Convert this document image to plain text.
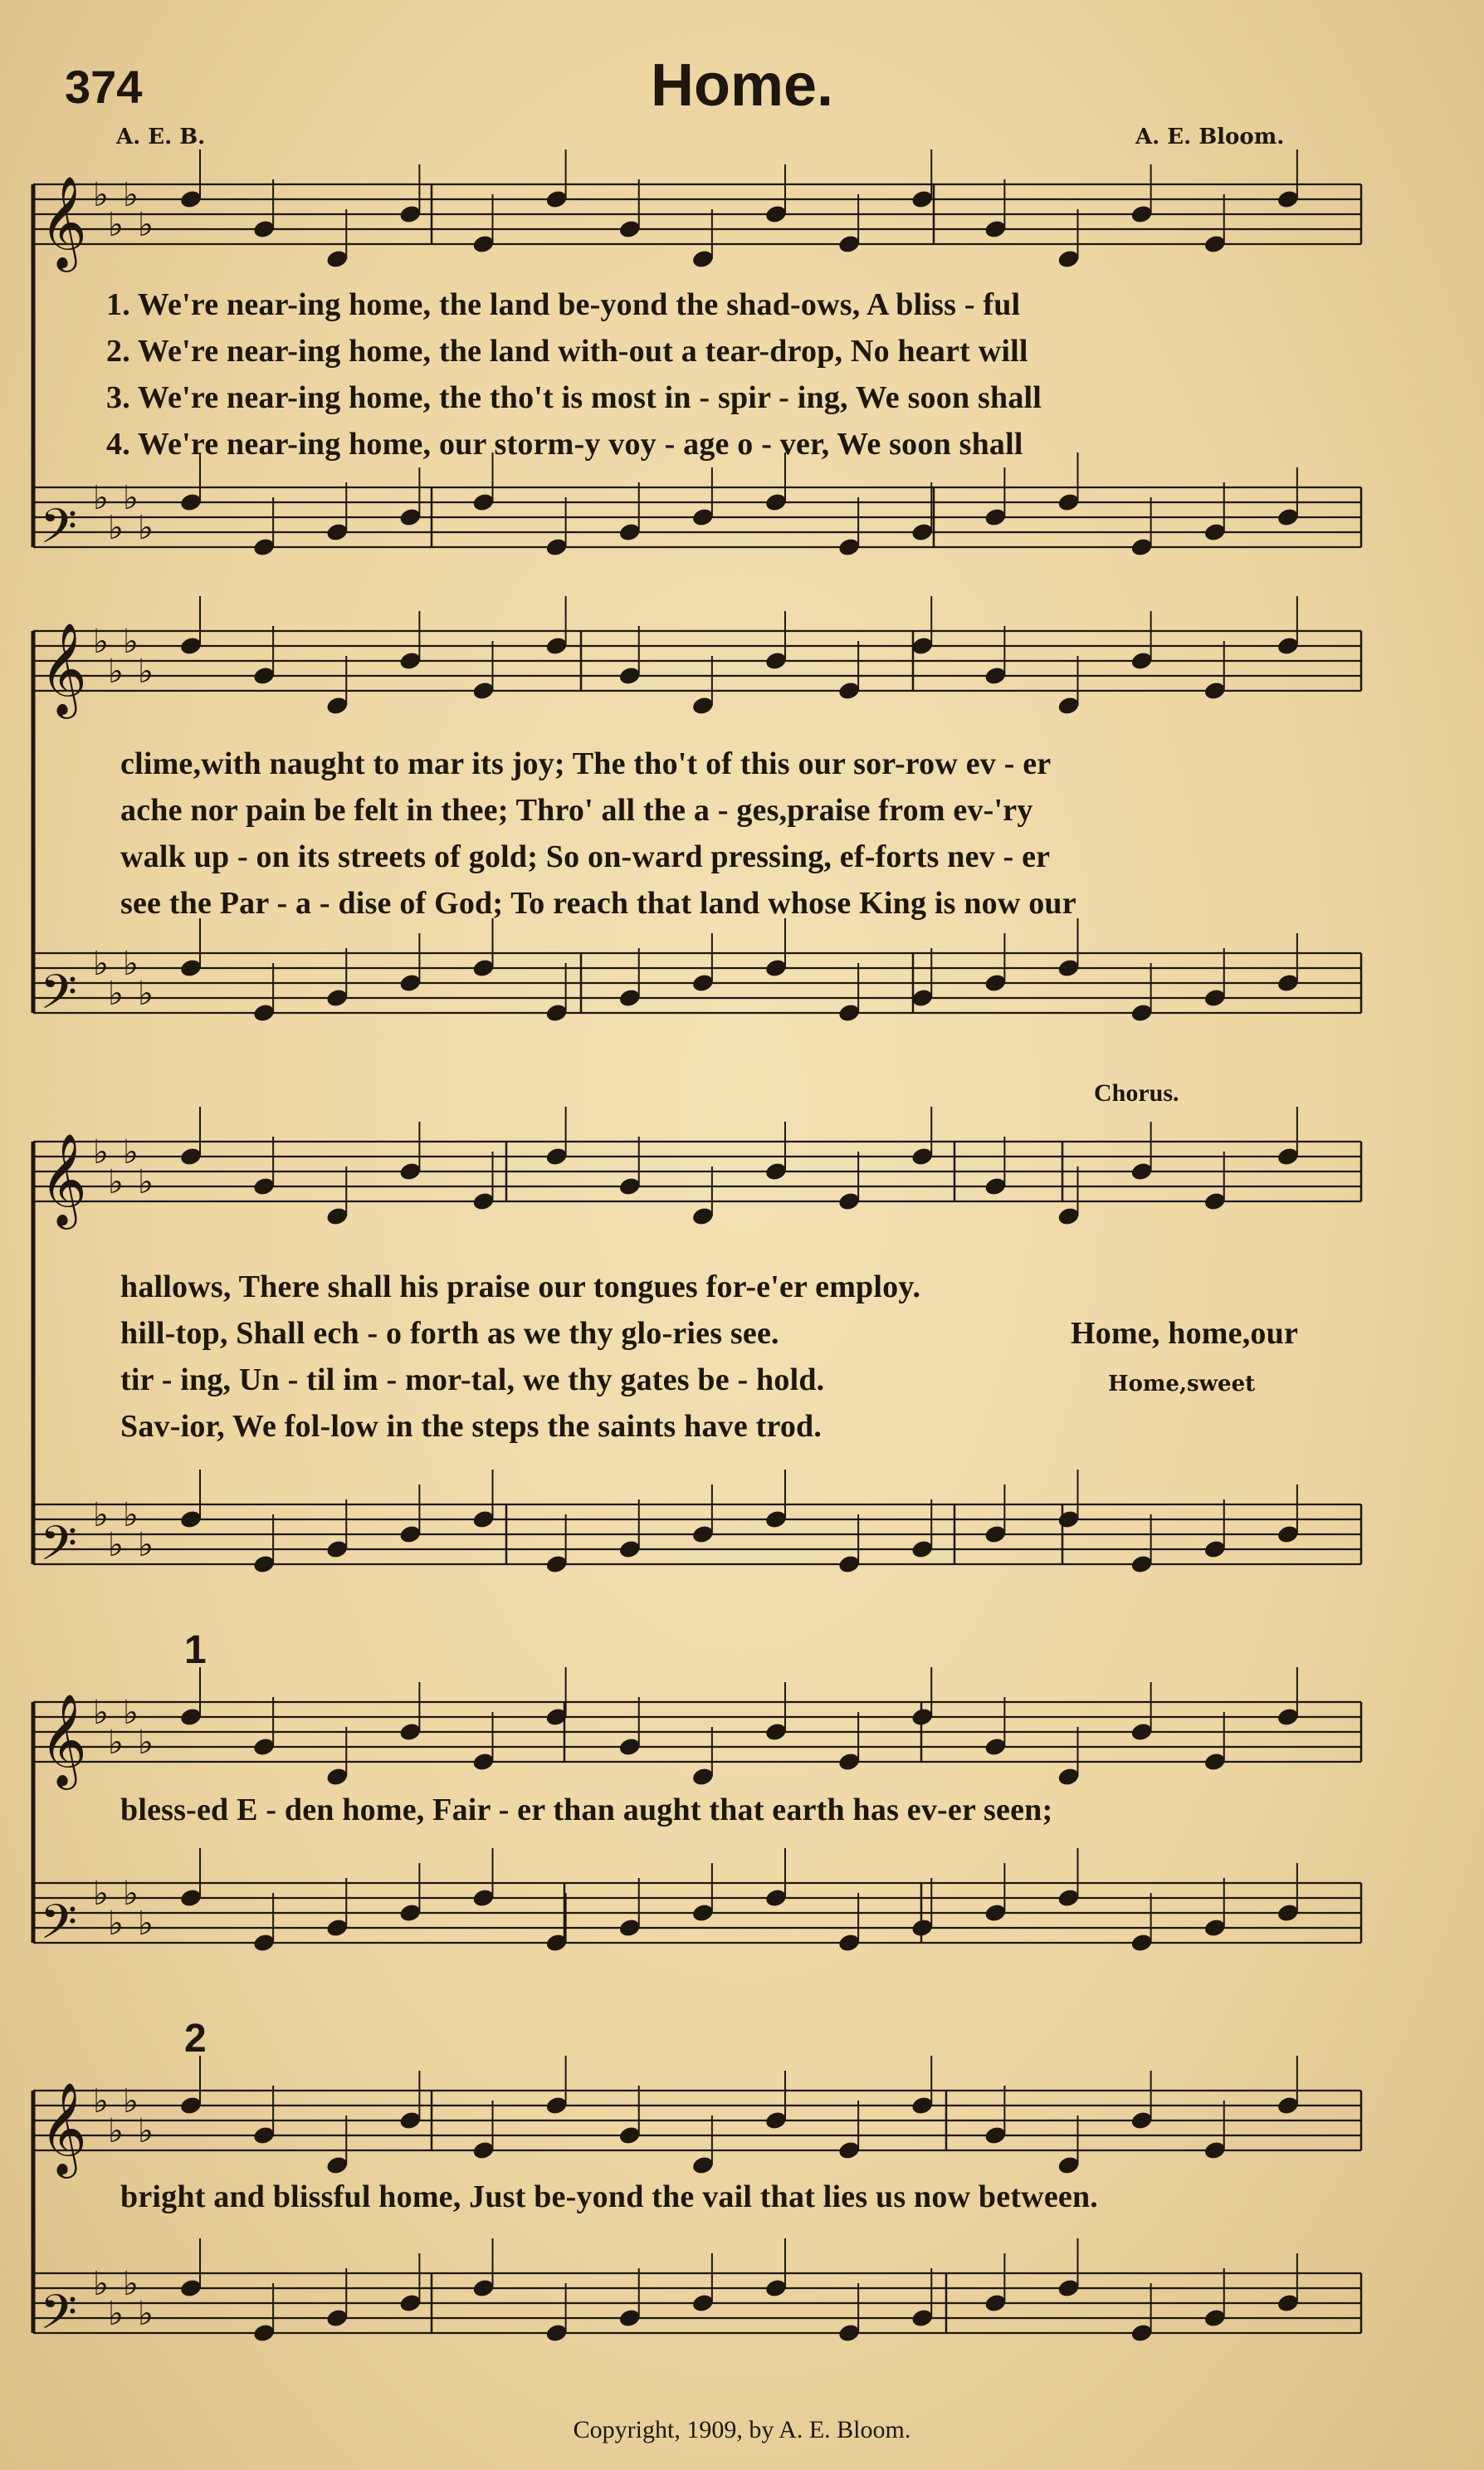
374	Home.
A. E. B.	A. E. Bloom.
𝄞 ♭
♭
♭
♭
𝄢 ♭
♭
♭
♭
𝄞 ♭
♭
♭
♭
𝄢 ♭
♭
♭
♭
𝄞 ♭
♭
♭
♭
𝄢 ♭
♭
♭
♭
𝄞 ♭
♭
♭
♭
𝄢 ♭
♭
♭
♭
𝄞 ♭
♭
♭
♭
𝄢 ♭
♭
♭
♭
1. We're near-ing home, the land be-yond the shad-ows, A bliss - ful
2. We're near-ing home, the land with-out a tear-drop, No heart will
3. We're near-ing home, the tho't is most in - spir - ing, We soon shall
4. We're near-ing home, our storm-y voy - age o - ver, We soon shall
clime,with naught to mar its joy; The tho't of this our sor-row ev - er
ache nor pain be felt in thee; Thro' all the a - ges,praise from ev-'ry
walk up - on its streets of gold; So on-ward pressing, ef-forts nev - er
see the Par - a - dise of God; To reach that land whose King is now our
hallows, There shall his praise our tongues for-e'er employ.
hill-top, Shall ech - o forth as we thy glo-ries see.
tir - ing, Un - til im - mor-tal, we thy gates be - hold.
Sav-ior, We fol-low in the steps the saints have trod.
Chorus.
Home, home,our
Home,sweet
bless-ed E - den home, Fair - er than aught that earth has ev-er seen;
bright and blissful home, Just be-yond the vail that lies us now between.
1
2
Copyright, 1909, by A. E. Bloom.
